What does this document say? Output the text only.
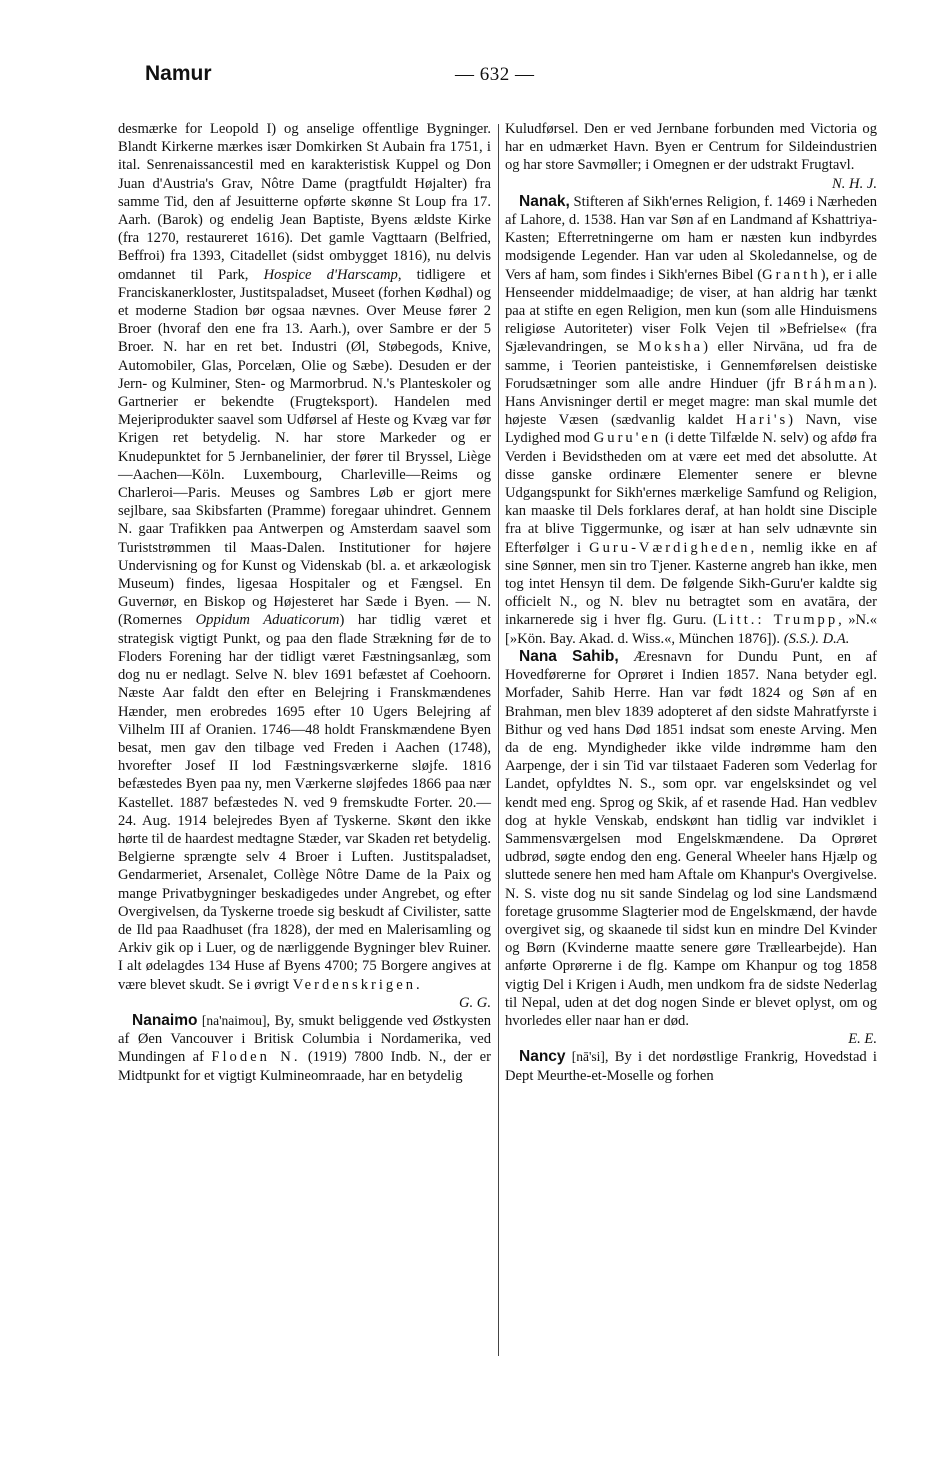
Namur	— 632 —

desmærke for Leopold I) og anselige offentlige Bygninger. Blandt Kirkerne mærkes især Domkirken St Aubain fra 1751, i ital. Senrenaissancestil med en karakteristisk Kuppel og Don Juan d'Austria's Grav, Nôtre Dame (pragtfuldt Højalter) fra samme Tid, den af Jesuitterne opførte skønne St Loup fra 17. Aarh. (Barok) og endelig Jean Baptiste, Byens ældste Kirke (fra 1270, restaureret 1616). Det gamle Vagttaarn (Belfried, Beffroi) fra 1393, Citadellet (sidst ombygget 1816), nu delvis omdannet til Park, Hospice d'Harscamp, tidligere et Franciskanerkloster, Justitspaladset, Museet (forhen Kødhal) og et moderne Stadion bør ogsaa nævnes. Over Meuse fører 2 Broer (hvoraf den ene fra 13. Aarh.), over Sambre er der 5 Broer. N. har en ret bet. Industri (Øl, Støbegods, Knive, Automobiler, Glas, Porcelæn, Olie og Sæbe). Desuden er der Jern- og Kulminer, Sten- og Marmorbrud. N.'s Planteskoler og Gartnerier er bekendte (Frugteksport). Handelen med Mejeriprodukter saavel som Udførsel af Heste og Kvæg var før Krigen ret betydelig. N. har store Markeder og er Knudepunktet for 5 Jernbanelinier, der fører til Bryssel, Liège—Aachen—Köln. Luxembourg, Charleville—Reims og Charleroi—Paris. Meuses og Sambres Løb er gjort mere sejlbare, saa Skibsfarten (Pramme) foregaar uhindret. Gennem N. gaar Trafikken paa Antwerpen og Amsterdam saavel som Turiststrømmen til Maas-Dalen. Institutioner for højere Undervisning og for Kunst og Videnskab (bl. a. et arkæologisk Museum) findes, ligesaa Hospitaler og et Fængsel. En Guvernør, en Biskop og Højesteret har Sæde i Byen. — N. (Romernes Oppidum Aduaticorum) har tidlig været et strategisk vigtigt Punkt, og paa den flade Strækning før de to Floders Forening har der tidligt været Fæstningsanlæg, som dog nu er nedlagt. Selve N. blev 1691 befæstet af Coehoorn. Næste Aar faldt den efter en Belejring i Franskmændenes Hænder, men erobredes 1695 efter 10 Ugers Belejring af Vilhelm III af Oranien. 1746—48 holdt Franskmændene Byen besat, men gav den tilbage ved Freden i Aachen (1748), hvorefter Josef II lod Fæstningsværkerne sløjfe. 1816 befæstedes Byen paa ny, men Værkerne sløjfedes 1866 paa nær Kastellet. 1887 befæstedes N. ved 9 fremskudte Forter. 20.—24. Aug. 1914 belejredes Byen af Tyskerne. Skønt den ikke hørte til de haardest medtagne Stæder, var Skaden ret betydelig. Belgierne sprængte selv 4 Broer i Luften. Justitspaladset, Gendarmeriet, Arsenalet, Collège Nôtre Dame de la Paix og mange Privatbygninger beskadigedes under Angrebet, og efter Overgivelsen, da Tyskerne troede sig beskudt af Civilister, satte de Ild paa Raadhuset (fra 1828), der med en Malerisamling og Arkiv gik op i Luer, og de nærliggende Bygninger blev Ruiner. I alt ødelagdes 134 Huse af Byens 4700; 75 Borgere angives at være blevet skudt. Se i øvrigt Verdenskrigen.

G. G.

Nanaimo [na'naimou], By, smukt beliggende ved Østkysten af Øen Vancouver i Britisk Columbia i Nordamerika, ved Mundingen af Floden N. (1919) 7800 Indb. N., der er Midtpunkt for et vigtigt Kulmineomraade, har en betydelig

Kuludførsel. Den er ved Jernbane forbunden med Victoria og har en udmærket Havn. Byen er Centrum for Sildeindustrien og har store Savmøller; i Omegnen er der udstrakt Frugtavl.

N. H. J.

Nanak, Stifteren af Sikh'ernes Religion, f. 1469 i Nærheden af Lahore, d. 1538. Han var Søn af en Landmand af Kshattriya-Kasten; Efterretningerne om ham er næsten kun indbyrdes modsigende Legender. Han var uden al Skoledannelse, og de Vers af ham, som findes i Sikh'ernes Bibel (Granth), er i alle Henseender middelmaadige; de viser, at han aldrig har tænkt paa at stifte en egen Religion, men kun (som alle Hinduismens religiøse Autoriteter) viser Folk Vejen til »Befrielse« (fra Sjælevandringen, se Moksha) eller Nirvāna, ud fra de samme, i Teorien panteistiske, i Gennemførelsen deistiske Forudsætninger som alle andre Hinduer (jfr Bráhman). Hans Anvisninger dertil er meget magre: man skal mumle det højeste Væsen (sædvanlig kaldet Hari's) Navn, vise Lydighed mod Guru'en (i dette Tilfælde N. selv) og afdø fra Verden i Bevidstheden om at være eet med det absolutte. At disse ganske ordinære Elementer senere er blevne Udgangspunkt for Sikh'ernes mærkelige Samfund og Religion, kan maaske til Dels forklares deraf, at han holdt sine Disciple fra at blive Tiggermunke, og især at han selv udnævnte sin Efterfølger i Guru-Værdigheden, nemlig ikke en af sine Sønner, men sin tro Tjener. Kasterne angreb han ikke, men tog intet Hensyn til dem. De følgende Sikh-Guru'er kaldte sig officielt N., og N. blev nu betragtet som en avatāra, der inkarnerede sig i hver flg. Guru. (Litt.: Trumpp, »N.« [»Kön. Bay. Akad. d. Wiss.«, München 1876]). (S.S.). D.A.

Nana Sahib, Æresnavn for Dundu Punt, en af Hovedførerne for Oprøret i Indien 1857. Nana betyder egl. Morfader, Sahib Herre. Han var født 1824 og Søn af en Brahman, men blev 1839 adopteret af den sidste Mahratfyrste i Bithur og ved hans Død 1851 indsat som eneste Arving. Men da de eng. Myndigheder ikke vilde indrømme ham den Aarpenge, der i sin Tid var tilstaaet Faderen som Vederlag for Landet, opfyldtes N. S., som opr. var engelsksindet og vel kendt med eng. Sprog og Skik, af et rasende Had. Han vedblev dog at hykle Venskab, endskønt han tidlig var indviklet i Sammensværgelsen mod Engelskmændene. Da Oprøret udbrød, søgte endog den eng. General Wheeler hans Hjælp og sluttede senere hen med ham Aftale om Khanpur's Overgivelse. N. S. viste dog nu sit sande Sindelag og lod sine Landsmænd foretage grusomme Slagterier mod de Engelskmænd, der havde overgivet sig, og skaanede til sidst kun en mindre Del Kvinder og Børn (Kvinderne maatte senere gøre Trællearbejde). Han anførte Oprørerne i de flg. Kampe om Khanpur og tog 1858 vigtig Del i Krigen i Audh, men undkom fra de sidste Nederlag til Nepal, uden at det dog nogen Sinde er blevet oplyst, om og hvorledes eller naar han er død.

E. E.

Nancy [nā'si], By i det nordøstlige Frankrig, Hovedstad i Dept Meurthe-et-Moselle og forhen
